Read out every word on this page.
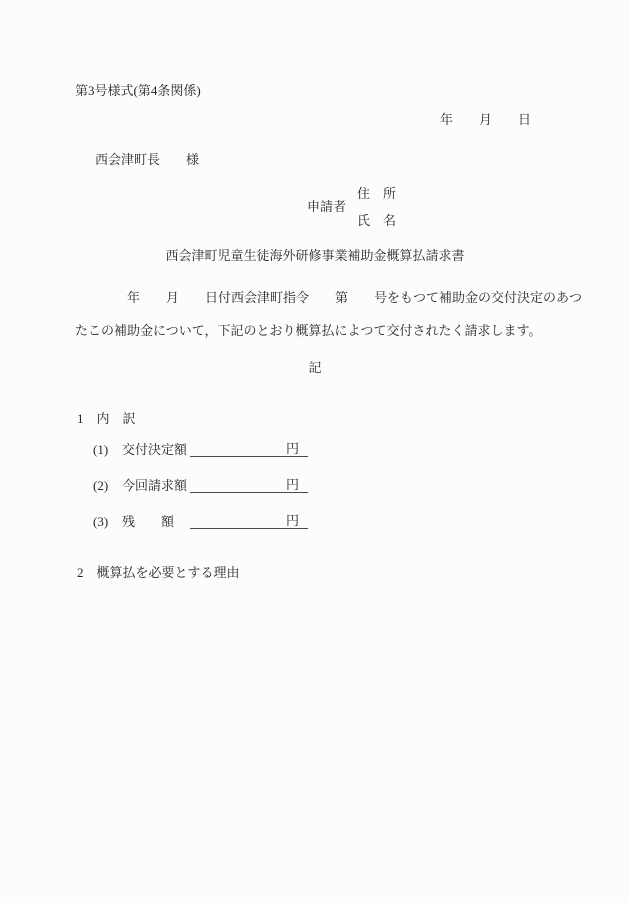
第3号様式(第4条関係)
年　　月　　日
西会津町長　　様
申請者
住　所
氏　名
西会津町児童生徒海外研修事業補助金概算払請求書
　　　　年　　月　　日付西会津町指令　　第　　号をもつて補助金の交付決定のあつ
たこの補助金について，下記のとおり概算払によつて交付されたく請求します。
記
1　内　訳
(1)	交付決定額	円
(2)	今回請求額	円
(3)	残　　額	円
2　概算払を必要とする理由
